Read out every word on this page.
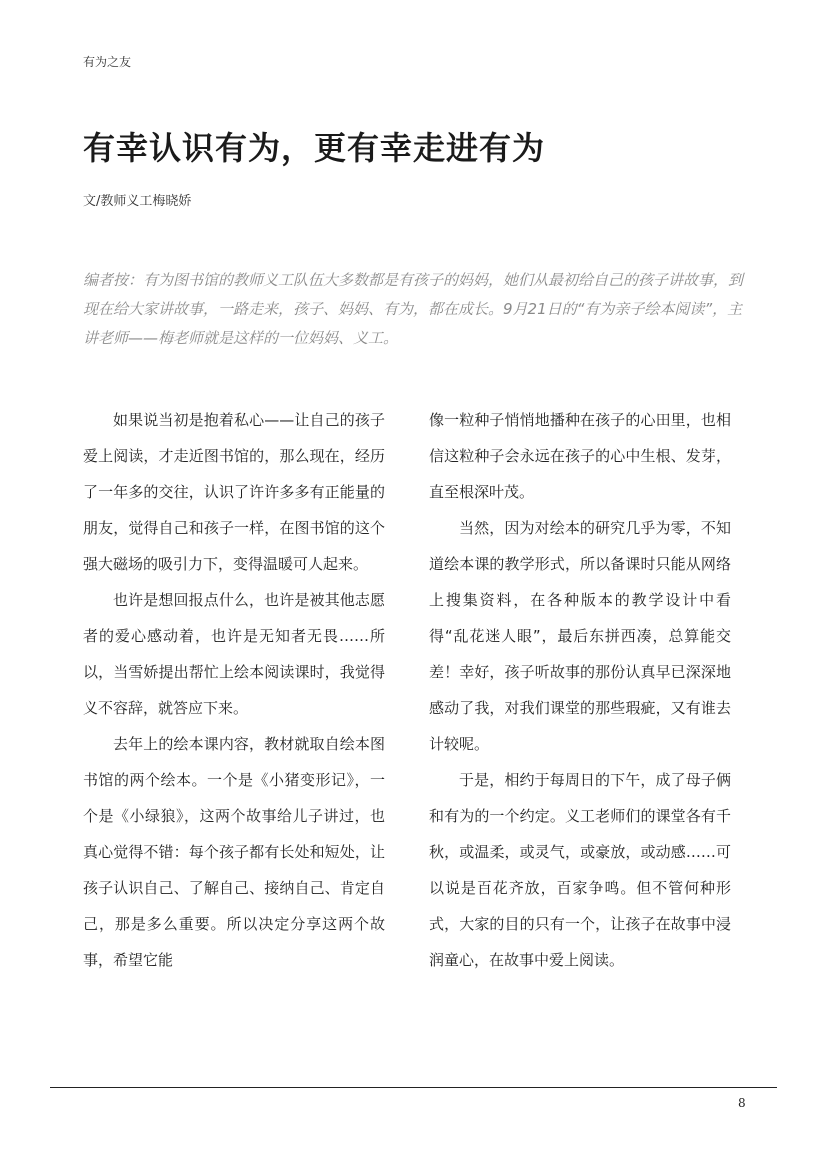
有为之友
有幸认识有为，更有幸走进有为
文/教师义工梅晓娇

编者按：有为图书馆的教师义工队伍大多数都是有孩子的妈妈，她们从最初给自己的孩子讲故事，到现在给大家讲故事，一路走来，孩子、妈妈、有为，都在成长。9月21日的“有为亲子绘本阅读”，主讲老师——梅老师就是这样的一位妈妈、义工。

如果说当初是抱着私心——让自己的孩子爱上阅读，才走近图书馆的，那么现在，经历了一年多的交往，认识了许许多多有正能量的朋友，觉得自己和孩子一样，在图书馆的这个强大磁场的吸引力下，变得温暖可人起来。

也许是想回报点什么，也许是被其他志愿者的爱心感动着，也许是无知者无畏……所以，当雪娇提出帮忙上绘本阅读课时，我觉得义不容辞，就答应下来。

去年上的绘本课内容，教材就取自绘本图书馆的两个绘本。一个是《小猪变形记》，一个是《小绿狼》，这两个故事给儿子讲过，也真心觉得不错：每个孩子都有长处和短处，让孩子认识自己、了解自己、接纳自己、肯定自己，那是多么重要。所以决定分享这两个故事，希望它能

像一粒种子悄悄地播种在孩子的心田里，也相信这粒种子会永远在孩子的心中生根、发芽，直至根深叶茂。

当然，因为对绘本的研究几乎为零，不知道绘本课的教学形式，所以备课时只能从网络上搜集资料，在各种版本的教学设计中看得“乱花迷人眼”，最后东拼西凑，总算能交差！幸好，孩子听故事的那份认真早已深深地感动了我，对我们课堂的那些瑕疵，又有谁去计较呢。

于是，相约于每周日的下午，成了母子俩和有为的一个约定。义工老师们的课堂各有千秋，或温柔，或灵气，或豪放，或动感……可以说是百花齐放，百家争鸣。但不管何种形式，大家的目的只有一个，让孩子在故事中浸润童心，在故事中爱上阅读。

8
